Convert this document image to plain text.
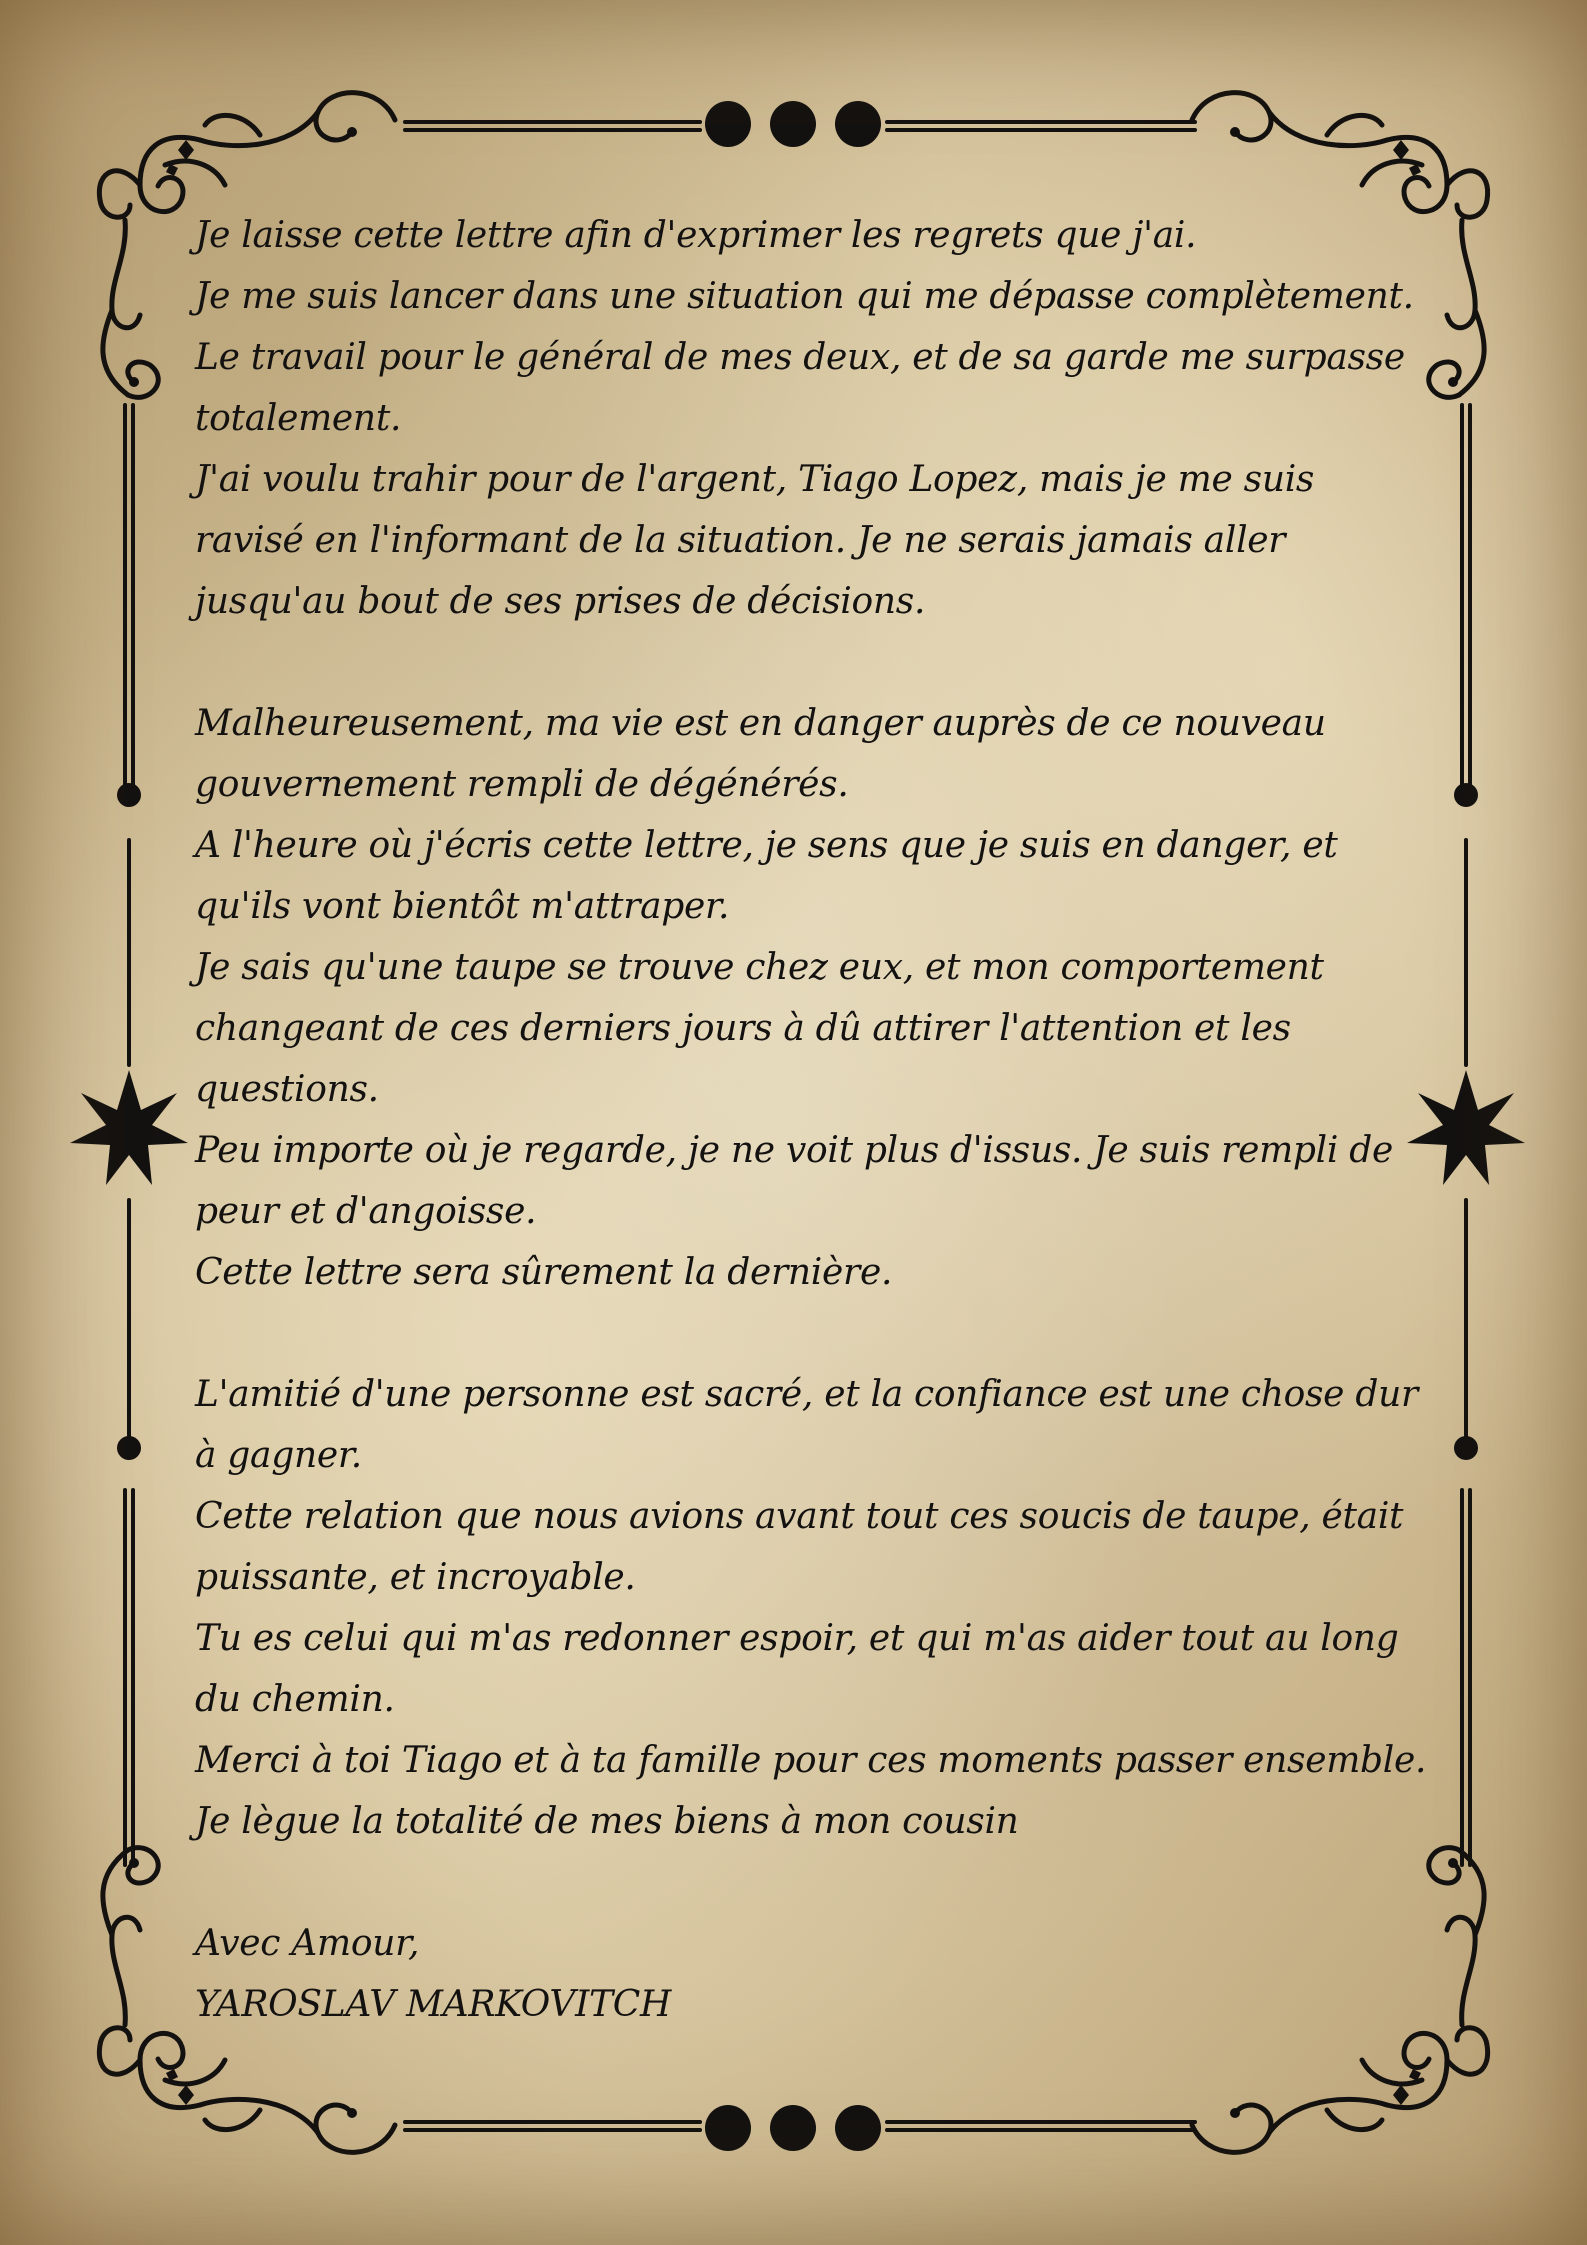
Je laisse cette lettre afin d'exprimer les regrets que j'ai.
Je me suis lancer dans une situation qui me dépasse complètement.
Le travail pour le général de mes deux, et de sa garde me surpasse
totalement.
J'ai voulu trahir pour de l'argent, Tiago Lopez, mais je me suis
ravisé en l'informant de la situation. Je ne serais jamais aller
jusqu'au bout de ses prises de décisions.
Malheureusement, ma vie est en danger auprès de ce nouveau
gouvernement rempli de dégénérés.
A l'heure où j'écris cette lettre, je sens que je suis en danger, et
qu'ils vont bientôt m'attraper.
Je sais qu'une taupe se trouve chez eux, et mon comportement
changeant de ces derniers jours à dû attirer l'attention et les
questions.
Peu importe où je regarde, je ne voit plus d'issus. Je suis rempli de
peur et d'angoisse.
Cette lettre sera sûrement la dernière.
L'amitié d'une personne est sacré, et la confiance est une chose dur
à gagner.
Cette relation que nous avions avant tout ces soucis de taupe, était
puissante, et incroyable.
Tu es celui qui m'as redonner espoir, et qui m'as aider tout au long
du chemin.
Merci à toi Tiago et à ta famille pour ces moments passer ensemble.
Je lègue la totalité de mes biens à mon cousin
Avec Amour,
YAROSLAV MARKOVITCH
